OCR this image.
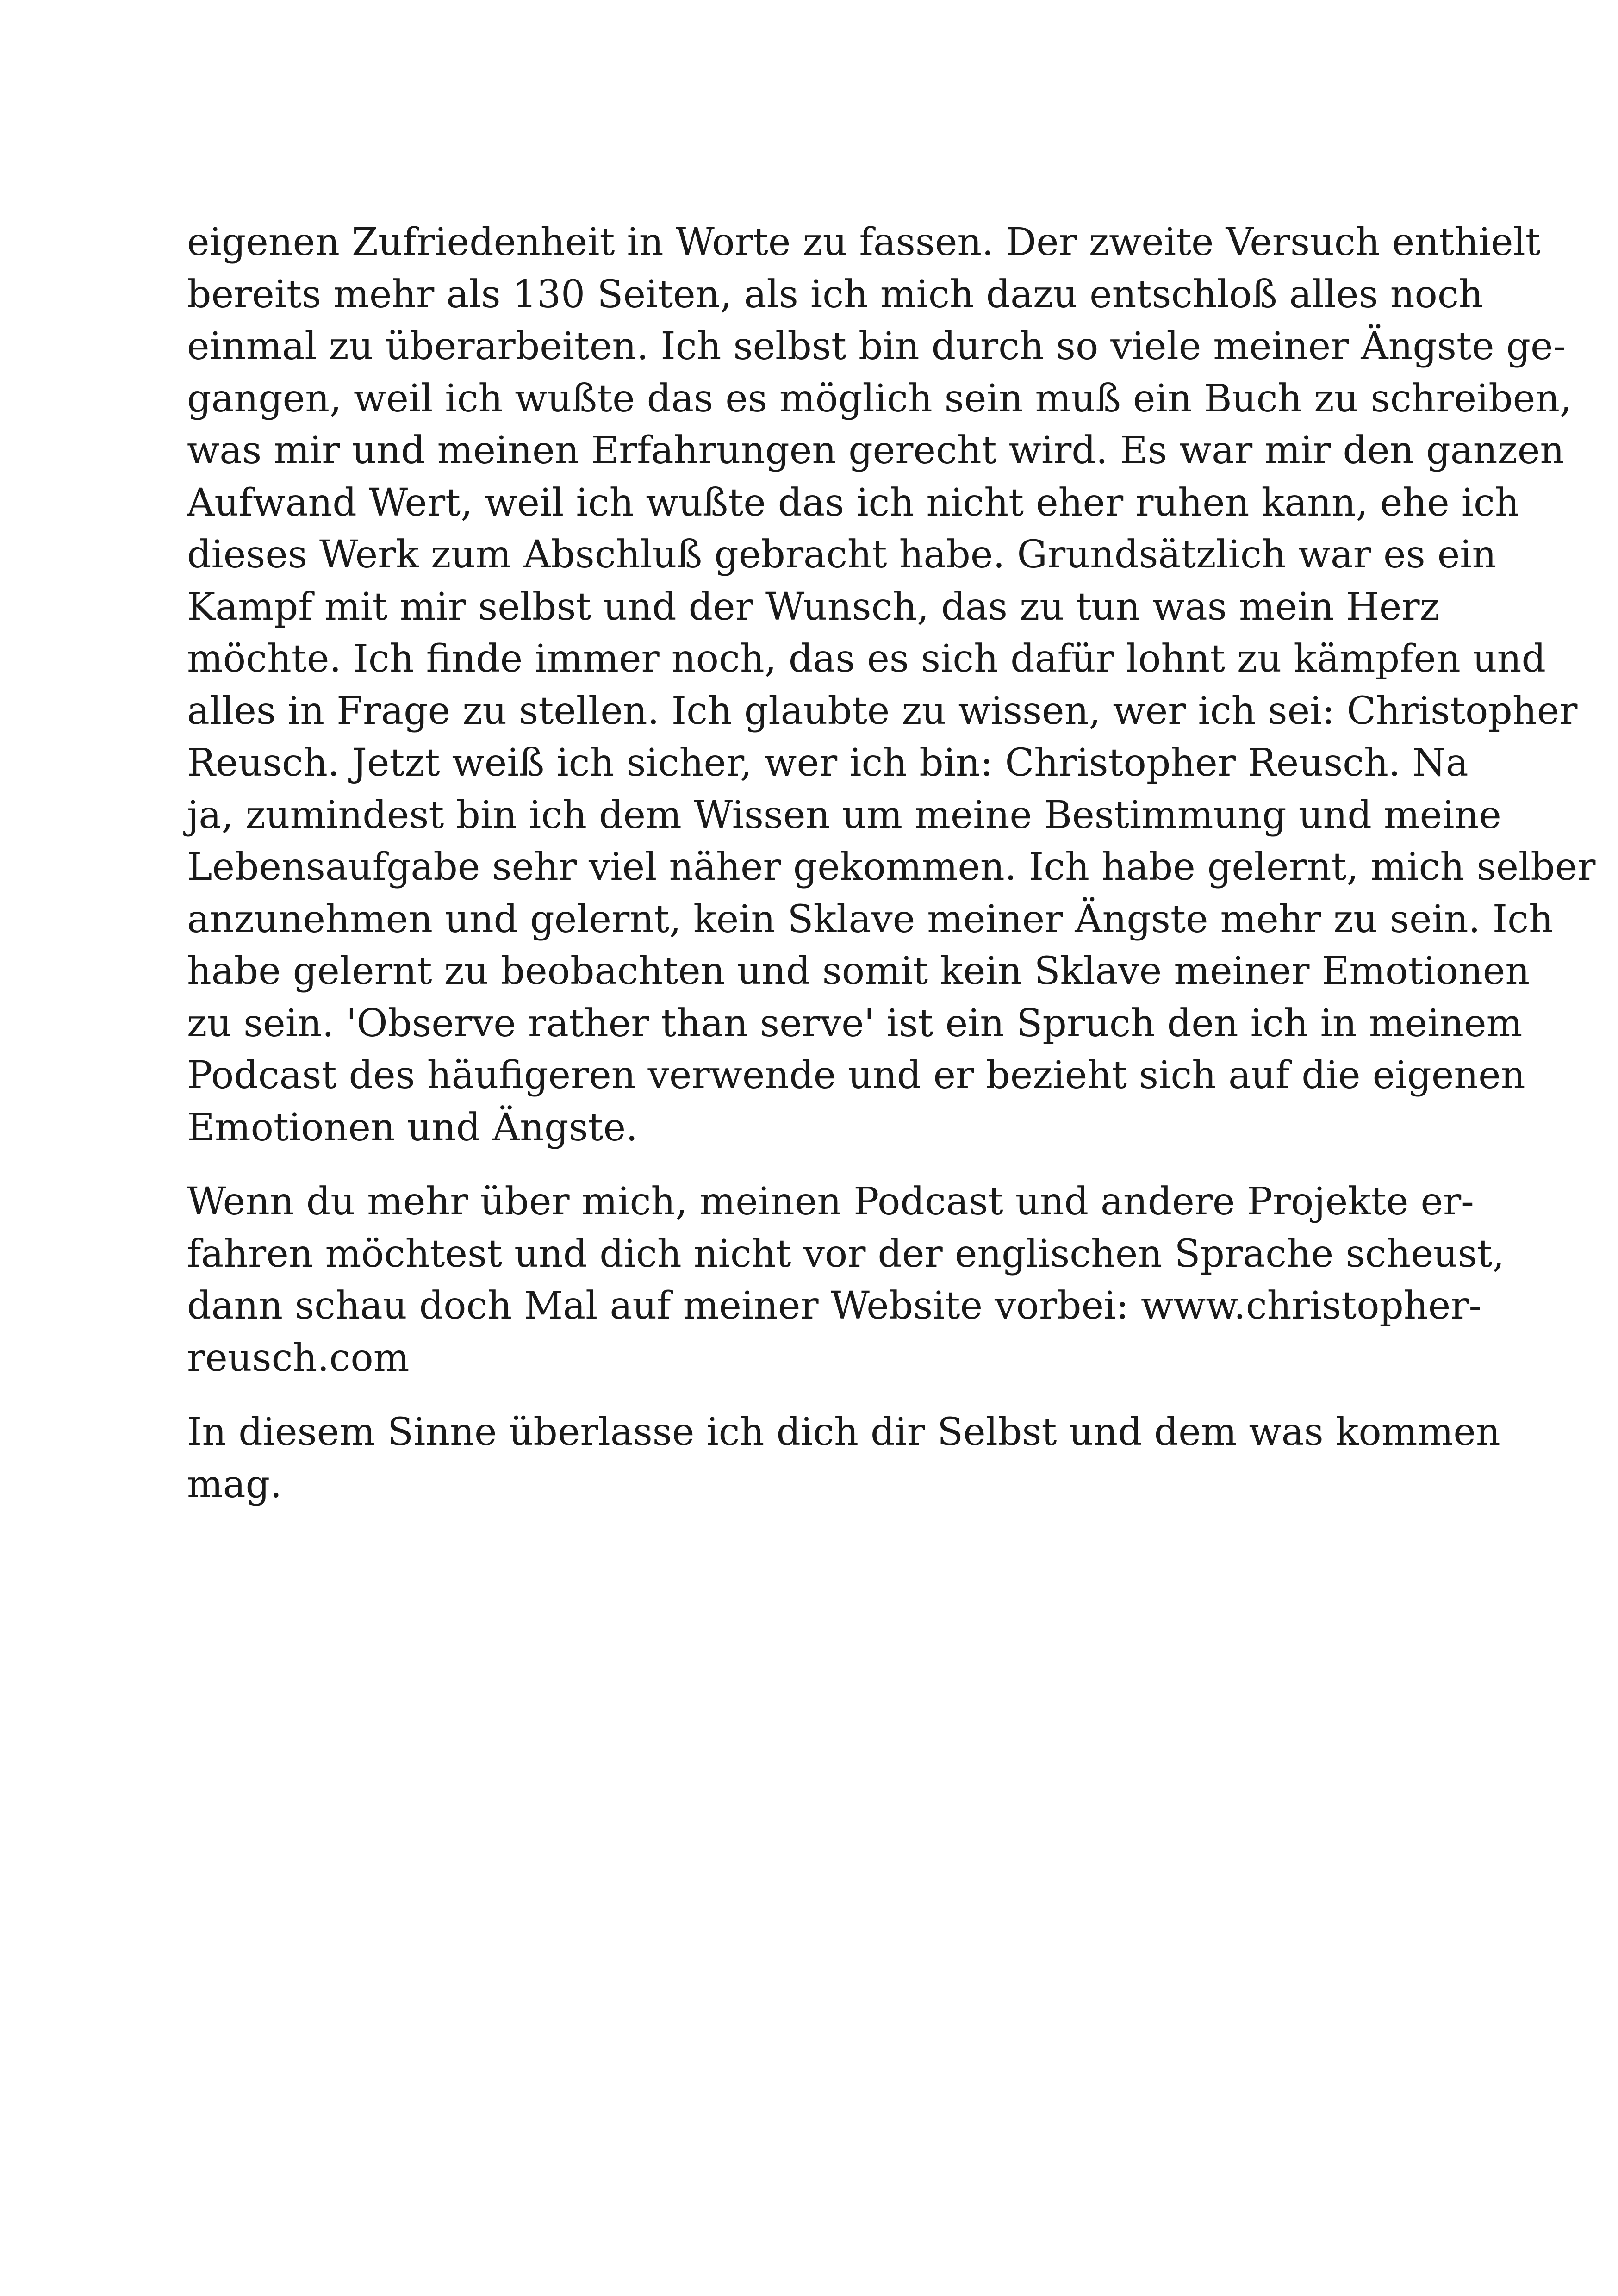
eigenen Zufriedenheit in Worte zu fassen. Der zweite Versuch enthielt
bereits mehr als 130 Seiten, als ich mich dazu entschloß alles noch
einmal zu überarbeiten. Ich selbst bin durch so viele meiner Ängste ge-
gangen, weil ich wußte das es möglich sein muß ein Buch zu schreiben,
was mir und meinen Erfahrungen gerecht wird. Es war mir den ganzen
Aufwand Wert, weil ich wußte das ich nicht eher ruhen kann, ehe ich
dieses Werk zum Abschluß gebracht habe. Grundsätzlich war es ein
Kampf mit mir selbst und der Wunsch, das zu tun was mein Herz
möchte. Ich finde immer noch, das es sich dafür lohnt zu kämpfen und
alles in Frage zu stellen. Ich glaubte zu wissen, wer ich sei: Christopher
Reusch. Jetzt weiß ich sicher, wer ich bin: Christopher Reusch. Na
ja, zumindest bin ich dem Wissen um meine Bestimmung und meine
Lebensaufgabe sehr viel näher gekommen. Ich habe gelernt, mich selber
anzunehmen und gelernt, kein Sklave meiner Ängste mehr zu sein. Ich
habe gelernt zu beobachten und somit kein Sklave meiner Emotionen
zu sein. 'Observe rather than serve' ist ein Spruch den ich in meinem
Podcast des häufigeren verwende und er bezieht sich auf die eigenen
Emotionen und Ängste.
Wenn du mehr über mich, meinen Podcast und andere Projekte er-
fahren möchtest und dich nicht vor der englischen Sprache scheust,
dann schau doch Mal auf meiner Website vorbei: www.christopher-
reusch.com
In diesem Sinne überlasse ich dich dir Selbst und dem was kommen
mag.
